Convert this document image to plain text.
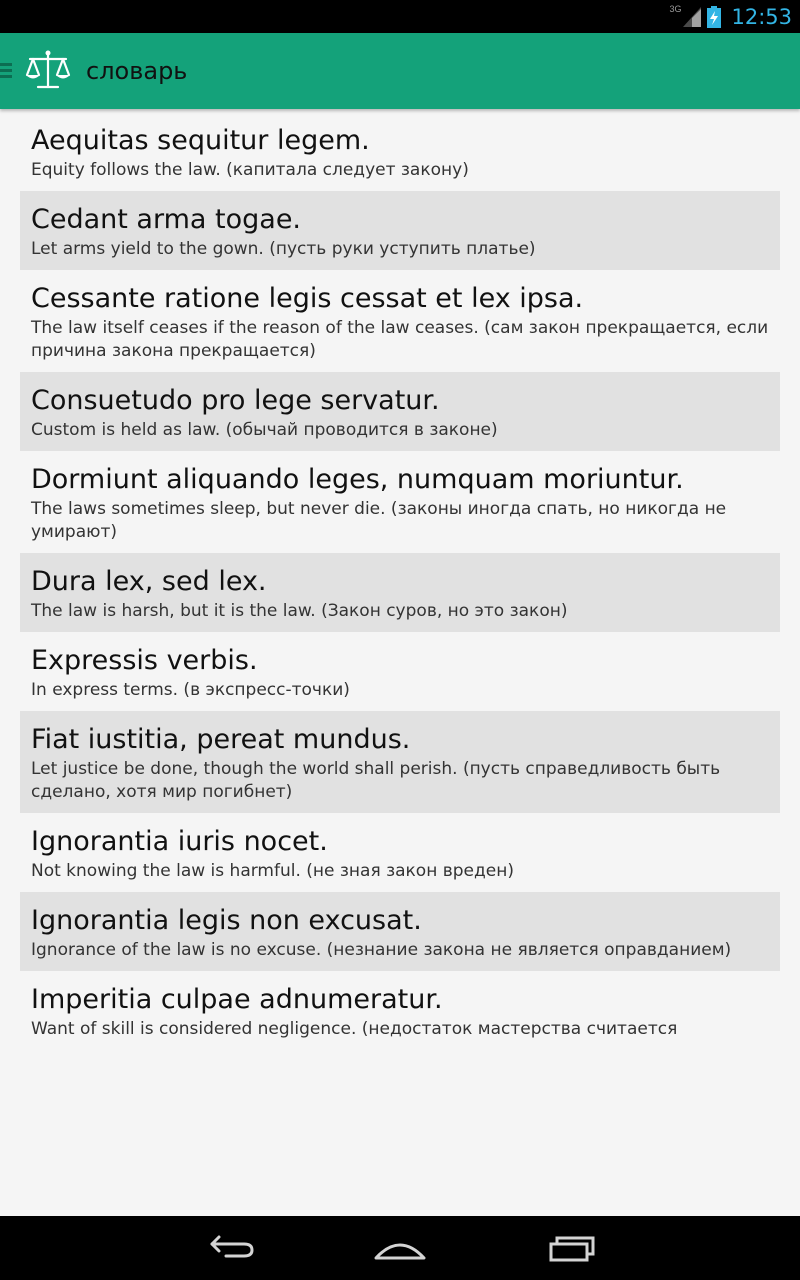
3G 12:53
словарь
Aequitas sequitur legem.
Equity follows the law. (капитала следует закону)
Cedant arma togae.
Let arms yield to the gown. (пусть руки уступить платье)
Cessante ratione legis cessat et lex ipsa.
The law itself ceases if the reason of the law ceases. (сам закон прекращается, если причина закона прекращается)
Consuetudo pro lege servatur.
Custom is held as law. (обычай проводится в законе)
Dormiunt aliquando leges, numquam moriuntur.
The laws sometimes sleep, but never die. (законы иногда спать, но никогда не умирают)
Dura lex, sed lex.
The law is harsh, but it is the law. (Закон суров, но это закон)
Expressis verbis.
In express terms. (в экспресс-точки)
Fiat iustitia, pereat mundus.
Let justice be done, though the world shall perish. (пусть справедливость быть сделано, хотя мир погибнет)
Ignorantia iuris nocet.
Not knowing the law is harmful. (не зная закон вреден)
Ignorantia legis non excusat.
Ignorance of the law is no excuse. (незнание закона не является оправданием)
Imperitia culpae adnumeratur.
Want of skill is considered negligence. (недостаток мастерства считается
